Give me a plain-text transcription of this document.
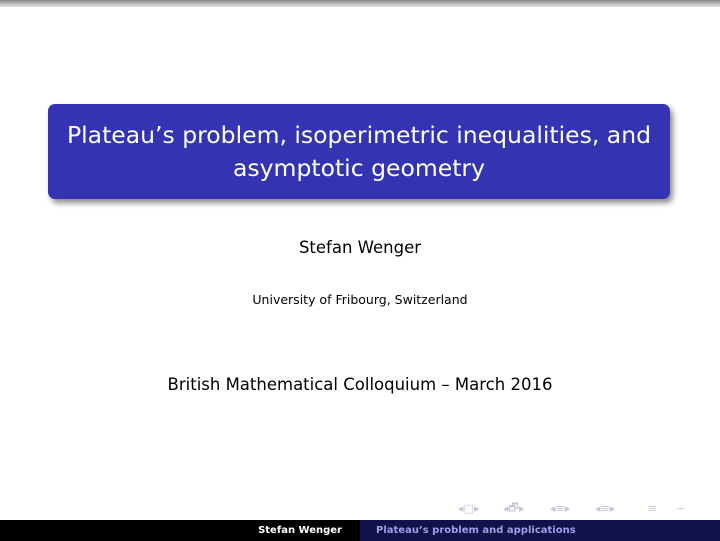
Plateau’s problem, isoperimetric inequalities, and
asymptotic geometry
Stefan Wenger
University of Fribourg, Switzerland
British Mathematical Colloquium – March 2016
◂ □ ▸ ◂ 🗗 ▸ ◂ ≡ ▸ ◂ ≡ ▸	≡ ∽
Stefan Wenger	Plateau’s problem and applications
